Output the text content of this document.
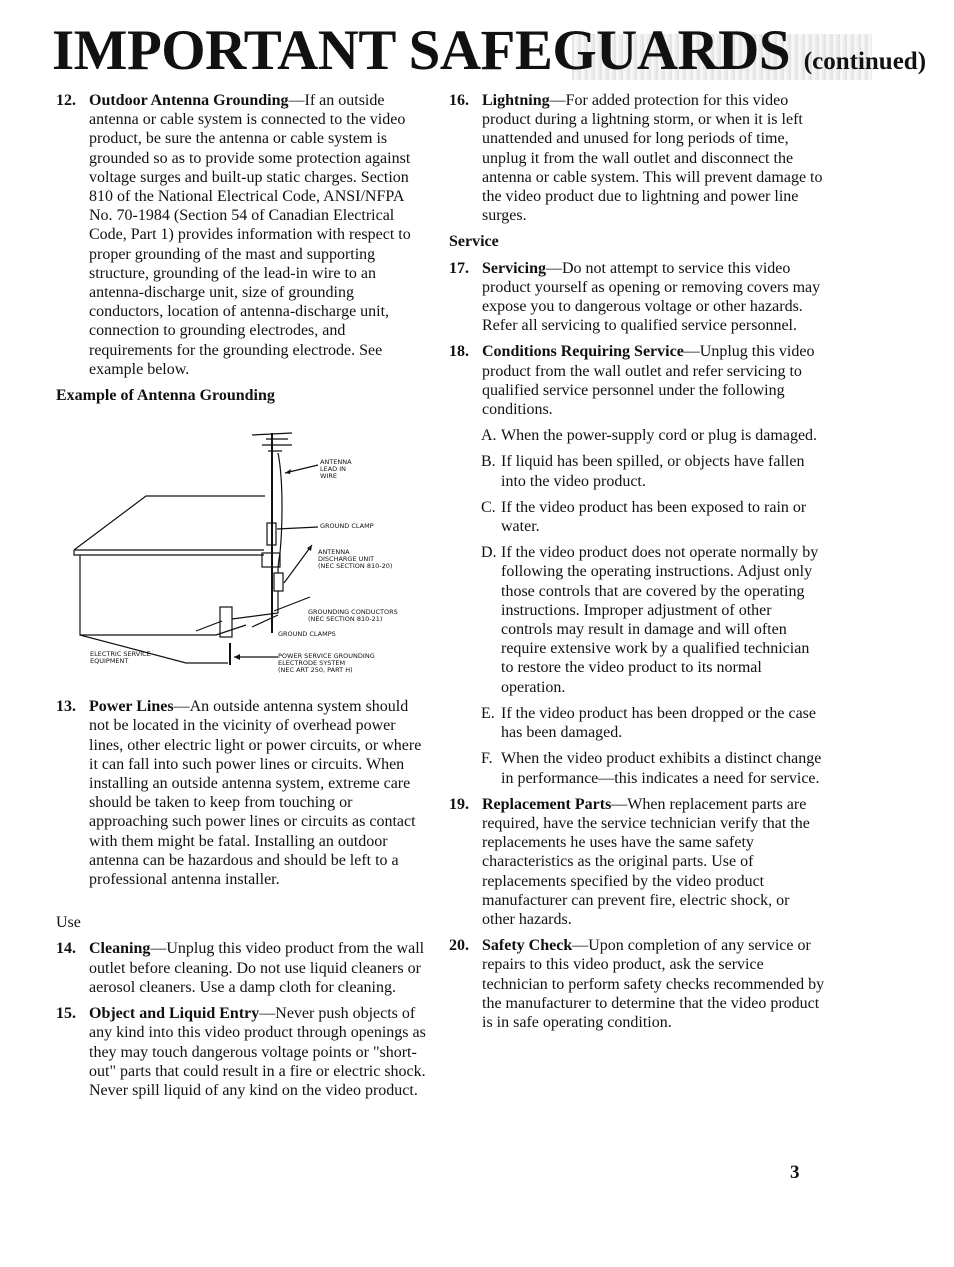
IMPORTANT SAFEGUARDS (continued)
12. Outdoor Antenna Grounding—If an outside antenna or cable system is connected to the video product, be sure the antenna or cable system is grounded so as to provide some protection against voltage surges and built-up static charges. Section 810 of the National Electrical Code, ANSI/NFPA No. 70-1984 (Section 54 of Canadian Electrical Code, Part 1) provides information with respect to proper grounding of the mast and supporting structure, grounding of the lead-in wire to an antenna-discharge unit, size of grounding conductors, location of antenna-discharge unit, connection to grounding electrodes, and requirements for the grounding electrode. See example below.
Example of Antenna Grounding
ANTENNA
LEAD IN
WIRE
GROUND CLAMP
ANTENNA
DISCHARGE UNIT
(NEC SECTION 810-20)
GROUNDING CONDUCTORS
(NEC SECTION 810-21)
GROUND CLAMPS
ELECTRIC SERVICE
EQUIPMENT
POWER SERVICE GROUNDING
ELECTRODE SYSTEM
(NEC ART 250, PART H)
13. Power Lines—An outside antenna system should not be located in the vicinity of overhead power lines, other electric light or power circuits, or where it can fall into such power lines or circuits. When installing an outside antenna system, extreme care should be taken to keep from touching or approaching such power lines or circuits as contact with them might be fatal. Installing an outdoor antenna can be hazardous and should be left to a professional antenna installer.
Use
14. Cleaning—Unplug this video product from the wall outlet before cleaning. Do not use liquid cleaners or aerosol cleaners. Use a damp cloth for cleaning.
15. Object and Liquid Entry—Never push objects of any kind into this video product through openings as they may touch dangerous voltage points or "short-out" parts that could result in a fire or electric shock. Never spill liquid of any kind on the video product.
16. Lightning—For added protection for this video product during a lightning storm, or when it is left unattended and unused for long periods of time, unplug it from the wall outlet and disconnect the antenna or cable system. This will prevent damage to the video product due to lightning and power line surges.
Service
17. Servicing—Do not attempt to service this video product yourself as opening or removing covers may expose you to dangerous voltage or other hazards. Refer all servicing to qualified service personnel.
18. Conditions Requiring Service—Unplug this video product from the wall outlet and refer servicing to qualified service personnel under the following conditions.
A. When the power-supply cord or plug is damaged.
B. If liquid has been spilled, or objects have fallen into the video product.
C. If the video product has been exposed to rain or water.
D. If the video product does not operate normally by following the operating instructions. Adjust only those controls that are covered by the operating instructions. Improper adjustment of other controls may result in damage and will often require extensive work by a qualified technician to restore the video product to its normal operation.
E. If the video product has been dropped or the case has been damaged.
F. When the video product exhibits a distinct change in performance—this indicates a need for service.
19. Replacement Parts—When replacement parts are required, have the service technician verify that the replacements he uses have the same safety characteristics as the original parts. Use of replacements specified by the video product manufacturer can prevent fire, electric shock, or other hazards.
20. Safety Check—Upon completion of any service or repairs to this video product, ask the service technician to perform safety checks recommended by the manufacturer to determine that the video product is in safe operating condition.
3
